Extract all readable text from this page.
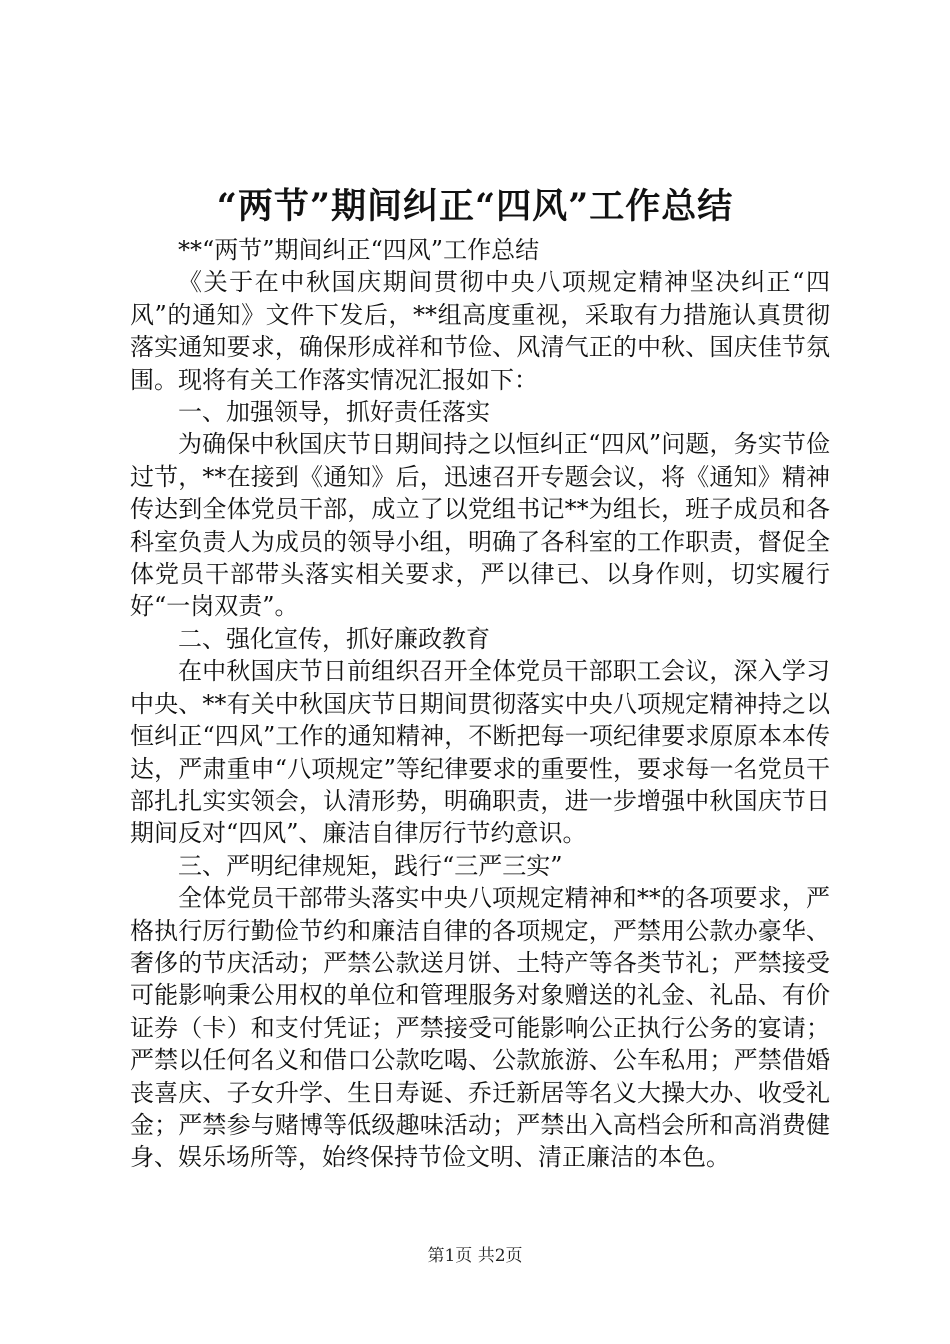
“两节”期间纠正“四风”工作总结

**“两节”期间纠正“四风”工作总结

《关于在中秋国庆期间贯彻中央八项规定精神坚决纠正“四风”的通知》文件下发后，**组高度重视，采取有力措施认真贯彻落实通知要求，确保形成祥和节俭、风清气正的中秋、国庆佳节氛围。现将有关工作落实情况汇报如下：

一、加强领导，抓好责任落实

为确保中秋国庆节日期间持之以恒纠正“四风”问题，务实节俭过节，**在接到《通知》后，迅速召开专题会议，将《通知》精神传达到全体党员干部，成立了以党组书记**为组长，班子成员和各科室负责人为成员的领导小组，明确了各科室的工作职责，督促全体党员干部带头落实相关要求，严以律已、以身作则，切实履行好“一岗双责”。

二、强化宣传，抓好廉政教育

在中秋国庆节日前组织召开全体党员干部职工会议，深入学习中央、**有关中秋国庆节日期间贯彻落实中央八项规定精神持之以恒纠正“四风”工作的通知精神，不断把每一项纪律要求原原本本传达，严肃重申“八项规定”等纪律要求的重要性，要求每一名党员干部扎扎实实领会，认清形势，明确职责，进一步增强中秋国庆节日期间反对“四风”、廉洁自律厉行节约意识。

三、严明纪律规矩，践行“三严三实”

全体党员干部带头落实中央八项规定精神和**的各项要求，严格执行厉行勤俭节约和廉洁自律的各项规定，严禁用公款办豪华、奢侈的节庆活动；严禁公款送月饼、土特产等各类节礼；严禁接受可能影响秉公用权的单位和管理服务对象赠送的礼金、礼品、有价证券（卡）和支付凭证；严禁接受可能影响公正执行公务的宴请；严禁以任何名义和借口公款吃喝、公款旅游、公车私用；严禁借婚丧喜庆、子女升学、生日寿诞、乔迁新居等名义大操大办、收受礼金；严禁参与赌博等低级趣味活动；严禁出入高档会所和高消费健身、娱乐场所等，始终保持节俭文明、清正廉洁的本色。

第1页 共2页
